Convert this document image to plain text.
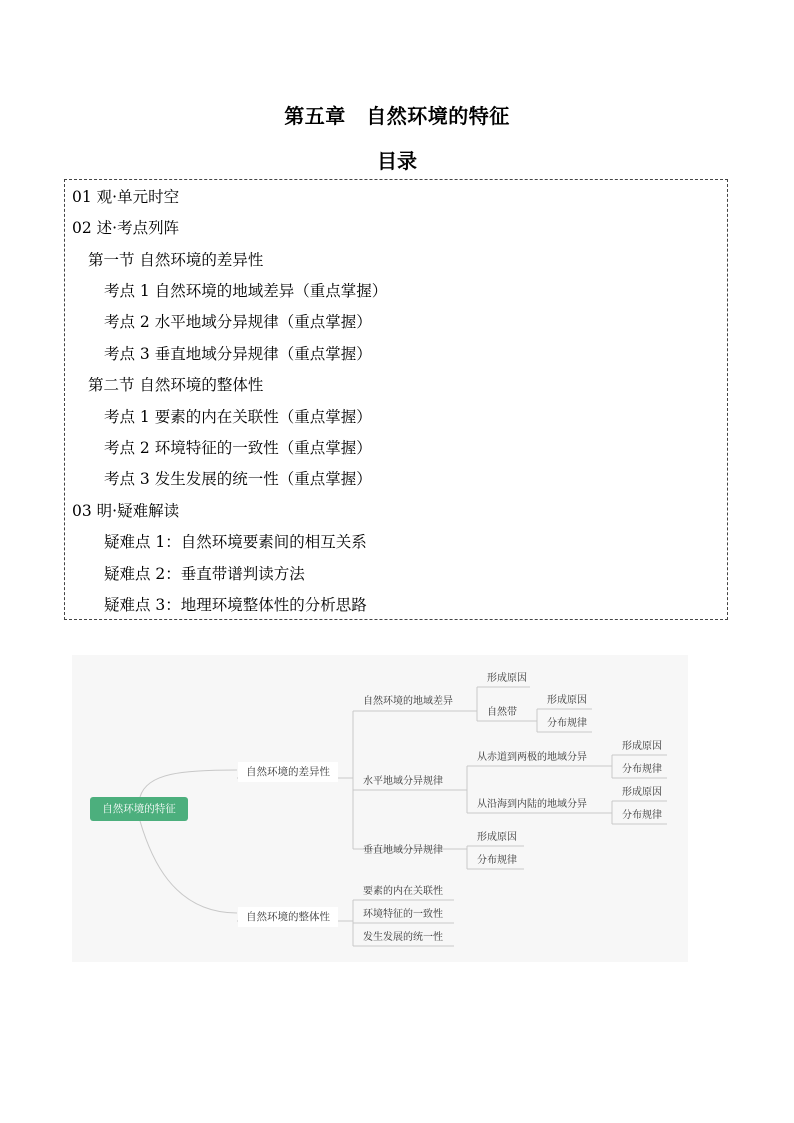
第五章　自然环境的特征
目录
01 观·单元时空
02 述·考点列阵
第一节 自然环境的差异性
考点 1 自然环境的地域差异（重点掌握）
考点 2 水平地域分异规律（重点掌握）
考点 3 垂直地域分异规律（重点掌握）
第二节 自然环境的整体性
考点 1 要素的内在关联性（重点掌握）
考点 2 环境特征的一致性（重点掌握）
考点 3 发生发展的统一性（重点掌握）
03 明·疑难解读
疑难点 1：自然环境要素间的相互关系
疑难点 2：垂直带谱判读方法
疑难点 3：地理环境整体性的分析思路
自然环境的特征
自然环境的差异性
自然环境的整体性
自然环境的地域差异
形成原因
自然带
形成原因
分布规律
水平地域分异规律
从赤道到两极的地域分异
形成原因
分布规律
从沿海到内陆的地域分异
形成原因
分布规律
垂直地域分异规律
形成原因
分布规律
要素的内在关联性
环境特征的一致性
发生发展的统一性
